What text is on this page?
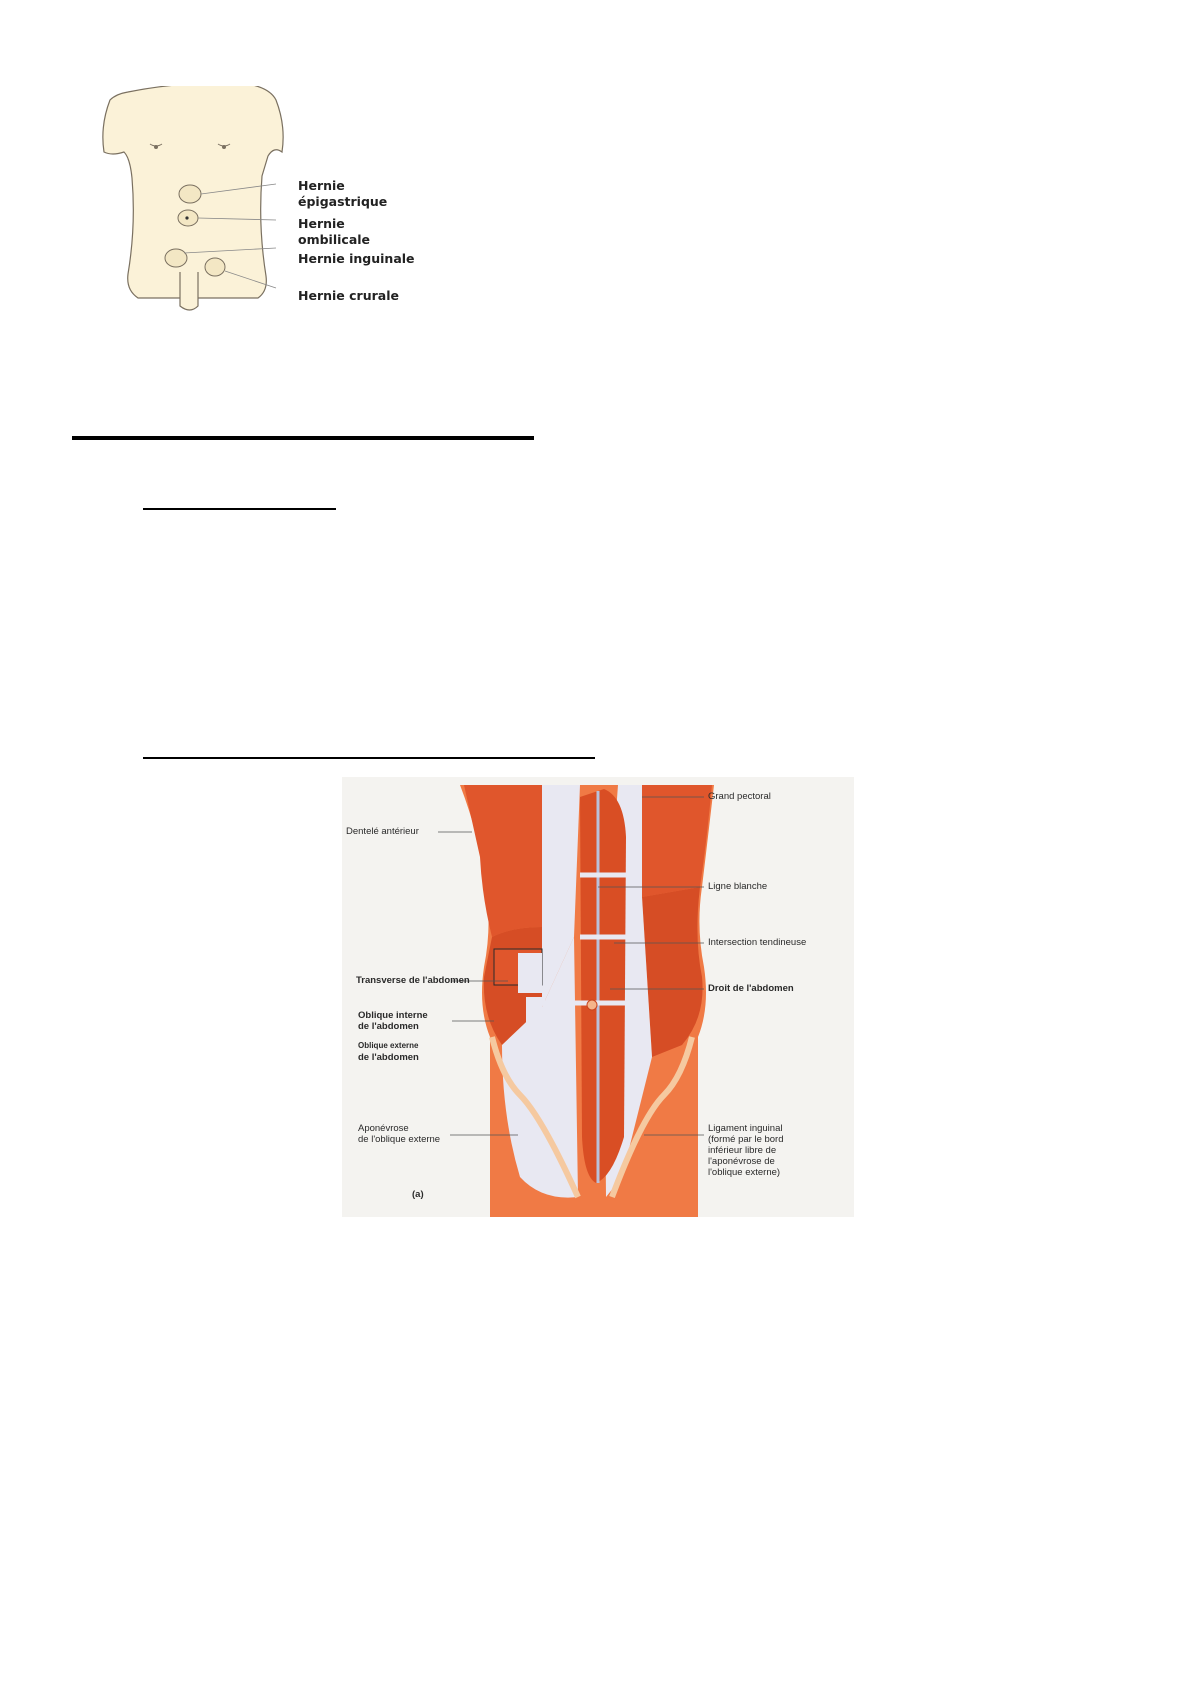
Hernie
épigastrique
Hernie
ombilicale
Hernie inguinale
Hernie crurale
Grand pectoral
Dentelé antérieur
Ligne blanche
Intersection tendineuse
Transverse de l'abdomen
Droit de l'abdomen
Oblique interne
de l'abdomen
Oblique externe
de l'abdomen
Aponévrose
de l'oblique externe
Ligament inguinal
(formé par le bord
inférieur libre de
l'aponévrose de
l'oblique externe)
(a)
